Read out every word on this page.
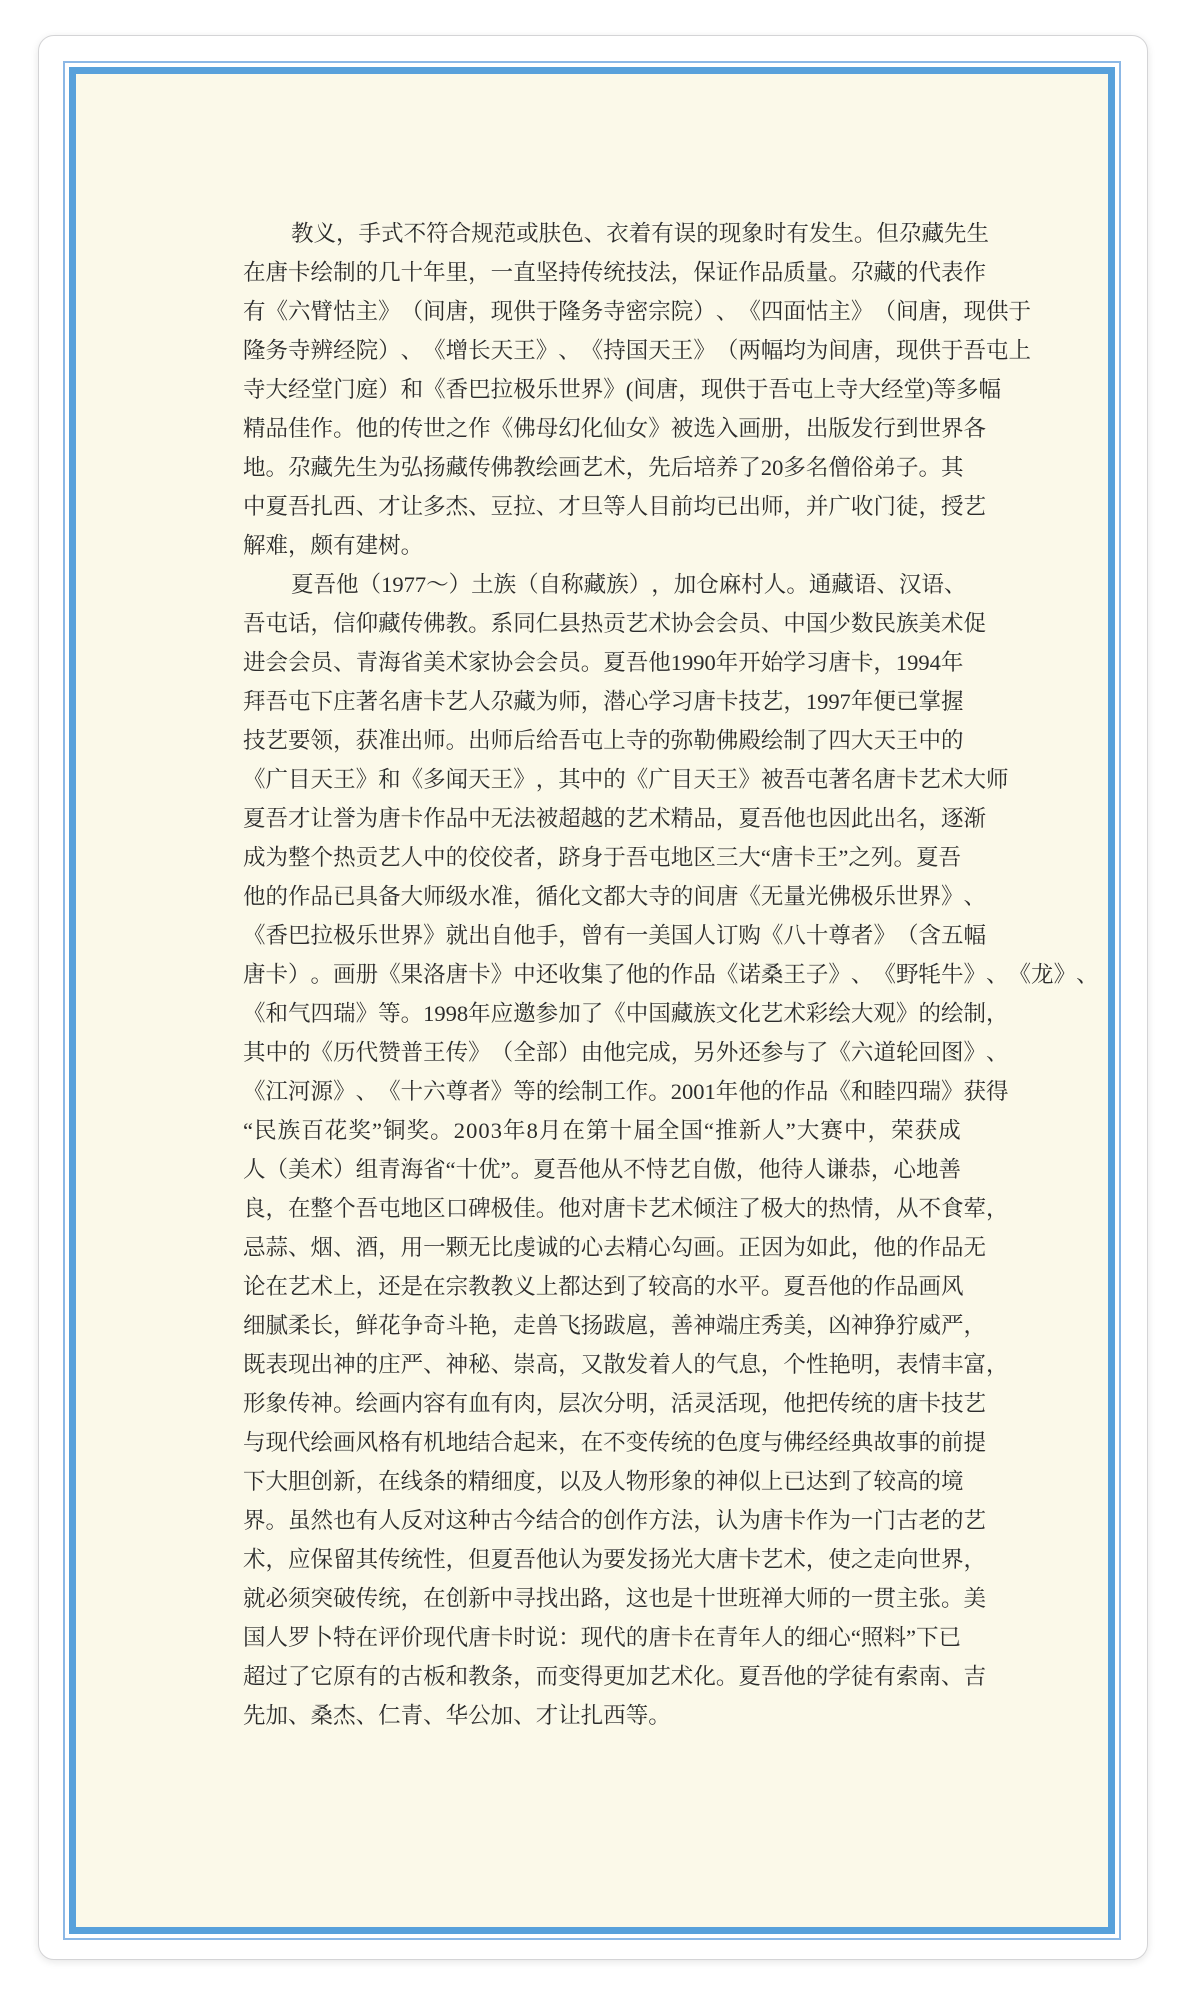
教 义 ， 手 式 不 符 合 规 范 或 肤 色 、 衣 着 有 误 的 现 象 时 有 发 生 。 但 尕 藏 先 生
在 唐 卡 绘 制 的 几 十 年 里 ， 一 直 坚 持 传 统 技 法 ， 保 证 作 品 质 量 。 尕 藏 的 代 表 作
有 《 六 臂 怙 主 》 （ 间 唐 ， 现 供 于 隆 务 寺 密 宗 院 ） 、 《 四 面 怙 主 》 （ 间 唐 ， 现 供 于
隆 务 寺 辨 经 院 ） 、 《 增 长 天 王 》 、 《 持 国 天 王 》 （ 两 幅 均 为 间 唐 ， 现 供 于 吾 屯 上
寺 大 经 堂 门 庭 ） 和 《 香 巴 拉 极 乐 世 界 》 ( 间 唐 ， 现 供 于 吾 屯 上 寺 大 经 堂 ) 等 多 幅
精 品 佳 作 。 他 的 传 世 之 作 《 佛 母 幻 化 仙 女 》 被 选 入 画 册 ， 出 版 发 行 到 世 界 各
地 。 尕 藏 先 生 为 弘 扬 藏 传 佛 教 绘 画 艺 术 ， 先 后 培 养 了 2 0 多 名 僧 俗 弟 子 。 其
中 夏 吾 扎 西 、 才 让 多 杰 、 豆 拉 、 才 旦 等 人 目 前 均 已 出 师 ， 并 广 收 门 徒 ， 授 艺
解 难 ， 颇 有 建 树 。
夏 吾 他 （ 1 9 7 7 ～ ） 土 族 （ 自 称 藏 族 ） ， 加 仓 麻 村 人 。 通 藏 语 、 汉 语 、
吾 屯 话 ， 信 仰 藏 传 佛 教 。 系 同 仁 县 热 贡 艺 术 协 会 会 员 、 中 国 少 数 民 族 美 术 促
进 会 会 员 、 青 海 省 美 术 家 协 会 会 员 。 夏 吾 他 1 9 9 0 年 开 始 学 习 唐 卡 ， 1 9 9 4 年
拜 吾 屯 下 庄 著 名 唐 卡 艺 人 尕 藏 为 师 ， 潜 心 学 习 唐 卡 技 艺 ， 1 9 9 7 年 便 已 掌 握
技 艺 要 领 ， 获 准 出 师 。 出 师 后 给 吾 屯 上 寺 的 弥 勒 佛 殿 绘 制 了 四 大 天 王 中 的
《 广 目 天 王 》 和 《 多 闻 天 王 》 ， 其 中 的 《 广 目 天 王 》 被 吾 屯 著 名 唐 卡 艺 术 大 师
夏 吾 才 让 誉 为 唐 卡 作 品 中 无 法 被 超 越 的 艺 术 精 品 ， 夏 吾 他 也 因 此 出 名 ， 逐 渐
成 为 整 个 热 贡 艺 人 中 的 佼 佼 者 ， 跻 身 于 吾 屯 地 区 三 大 “ 唐 卡 王 ” 之 列 。 夏 吾
他 的 作 品 已 具 备 大 师 级 水 准 ， 循 化 文 都 大 寺 的 间 唐 《 无 量 光 佛 极 乐 世 界 》 、
《 香 巴 拉 极 乐 世 界 》 就 出 自 他 手 ， 曾 有 一 美 国 人 订 购 《 八 十 尊 者 》 （ 含 五 幅
唐 卡 ） 。 画 册 《 果 洛 唐 卡 》 中 还 收 集 了 他 的 作 品 《 诺 桑 王 子 》 、 《 野 牦 牛 》 、 《 龙 》 、
《 和 气 四 瑞 》 等 。 1 9 9 8 年 应 邀 参 加 了 《 中 国 藏 族 文 化 艺 术 彩 绘 大 观 》 的 绘 制 ，
其 中 的 《 历 代 赞 普 王 传 》 （ 全 部 ） 由 他 完 成 ， 另 外 还 参 与 了 《 六 道 轮 回 图 》 、
《 江 河 源 》 、 《 十 六 尊 者 》 等 的 绘 制 工 作 。 2 0 0 1 年 他 的 作 品 《 和 睦 四 瑞 》 获 得
“ 民 族 百 花 奖 ” 铜 奖 。 2 0 0 3 年 8 月 在 第 十 届 全 国 “ 推 新 人 ” 大 赛 中 ， 荣 获 成
人 （ 美 术 ） 组 青 海 省 “ 十 优 ” 。 夏 吾 他 从 不 恃 艺 自 傲 ， 他 待 人 谦 恭 ， 心 地 善
良 ， 在 整 个 吾 屯 地 区 口 碑 极 佳 。 他 对 唐 卡 艺 术 倾 注 了 极 大 的 热 情 ， 从 不 食 荤 ，
忌 蒜 、 烟 、 酒 ， 用 一 颗 无 比 虔 诚 的 心 去 精 心 勾 画 。 正 因 为 如 此 ， 他 的 作 品 无
论 在 艺 术 上 ， 还 是 在 宗 教 教 义 上 都 达 到 了 较 高 的 水 平 。 夏 吾 他 的 作 品 画 风
细 腻 柔 长 ， 鲜 花 争 奇 斗 艳 ， 走 兽 飞 扬 跋 扈 ， 善 神 端 庄 秀 美 ， 凶 神 狰 狞 威 严 ，
既 表 现 出 神 的 庄 严 、 神 秘 、 崇 高 ， 又 散 发 着 人 的 气 息 ， 个 性 艳 明 ， 表 情 丰 富 ，
形 象 传 神 。 绘 画 内 容 有 血 有 肉 ， 层 次 分 明 ， 活 灵 活 现 ， 他 把 传 统 的 唐 卡 技 艺
与 现 代 绘 画 风 格 有 机 地 结 合 起 来 ， 在 不 变 传 统 的 色 度 与 佛 经 经 典 故 事 的 前 提
下 大 胆 创 新 ， 在 线 条 的 精 细 度 ， 以 及 人 物 形 象 的 神 似 上 已 达 到 了 较 高 的 境
界 。 虽 然 也 有 人 反 对 这 种 古 今 结 合 的 创 作 方 法 ， 认 为 唐 卡 作 为 一 门 古 老 的 艺
术 ， 应 保 留 其 传 统 性 ， 但 夏 吾 他 认 为 要 发 扬 光 大 唐 卡 艺 术 ， 使 之 走 向 世 界 ，
就 必 须 突 破 传 统 ， 在 创 新 中 寻 找 出 路 ， 这 也 是 十 世 班 禅 大 师 的 一 贯 主 张 。 美
国 人 罗 卜 特 在 评 价 现 代 唐 卡 时 说 ： 现 代 的 唐 卡 在 青 年 人 的 细 心 “ 照 料 ” 下 已
超 过 了 它 原 有 的 古 板 和 教 条 ， 而 变 得 更 加 艺 术 化 。 夏 吾 他 的 学 徒 有 索 南 、 吉
先 加 、 桑 杰 、 仁 青 、 华 公 加 、 才 让 扎 西 等 。
